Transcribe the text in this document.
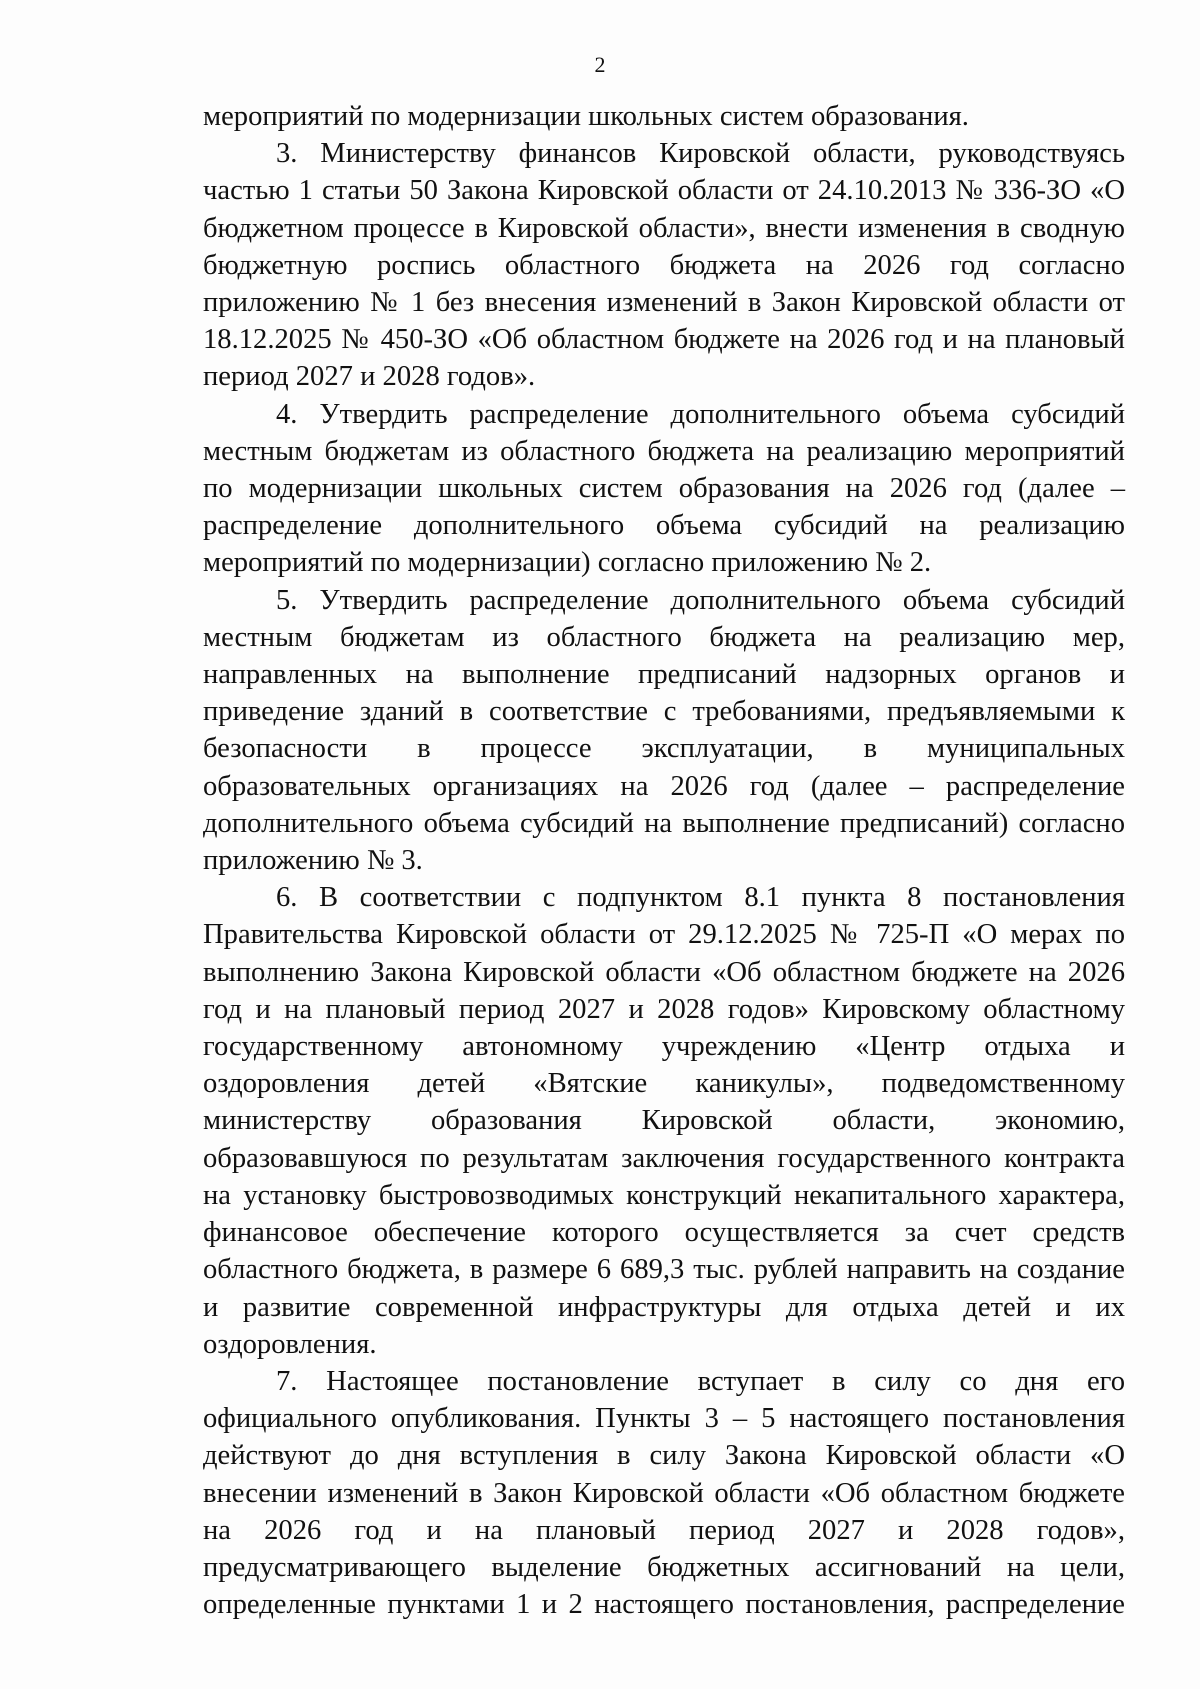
2

мероприятий по модернизации школьных систем образования.

3. Министерству финансов Кировской области, руководствуясь частью 1 статьи 50 Закона Кировской области от 24.10.2013 № 336-ЗО «О бюджетном процессе в Кировской области», внести изменения в сводную бюджетную роспись областного бюджета на 2026 год согласно приложению № 1 без внесения изменений в Закон Кировской области от 18.12.2025 № 450-ЗО «Об областном бюджете на 2026 год и на плановый период 2027 и 2028 годов».

4. Утвердить распределение дополнительного объема субсидий местным бюджетам из областного бюджета на реализацию мероприятий по модернизации школьных систем образования на 2026 год (далее – распределение дополнительного объема субсидий на реализацию мероприятий по модернизации) согласно приложению № 2.

5. Утвердить распределение дополнительного объема субсидий местным бюджетам из областного бюджета на реализацию мер, направленных на выполнение предписаний надзорных органов и приведение зданий в соответствие с требованиями, предъявляемыми к безопасности в процессе эксплуатации, в муниципальных образовательных организациях на 2026 год (далее – распределение дополнительного объема субсидий на выполнение предписаний) согласно приложению № 3.

6. В соответствии с подпунктом 8.1 пункта 8 постановления Правительства Кировской области от 29.12.2025 № 725-П «О мерах по выполнению Закона Кировской области «Об областном бюджете на 2026 год и на плановый период 2027 и 2028 годов» Кировскому областному государственному автономному учреждению «Центр отдыха и оздоровления детей «Вятские каникулы», подведомственному министерству образования Кировской области, экономию, образовавшуюся по результатам заключения государственного контракта на установку быстровозводимых конструкций некапитального характера, финансовое обеспечение которого осуществляется за счет средств областного бюджета, в размере 6 689,3 тыс. рублей направить на создание и развитие современной инфраструктуры для отдыха детей и их оздоровления.

7. Настоящее постановление вступает в силу со дня его официального опубликования. Пункты 3 – 5 настоящего постановления действуют до дня вступления в силу Закона Кировской области «О внесении изменений в Закон Кировской области «Об областном бюджете на 2026 год и на плановый период 2027 и 2028 годов», предусматривающего выделение бюджетных ассигнований на цели, определенные пунктами 1 и 2 настоящего постановления, распределение
